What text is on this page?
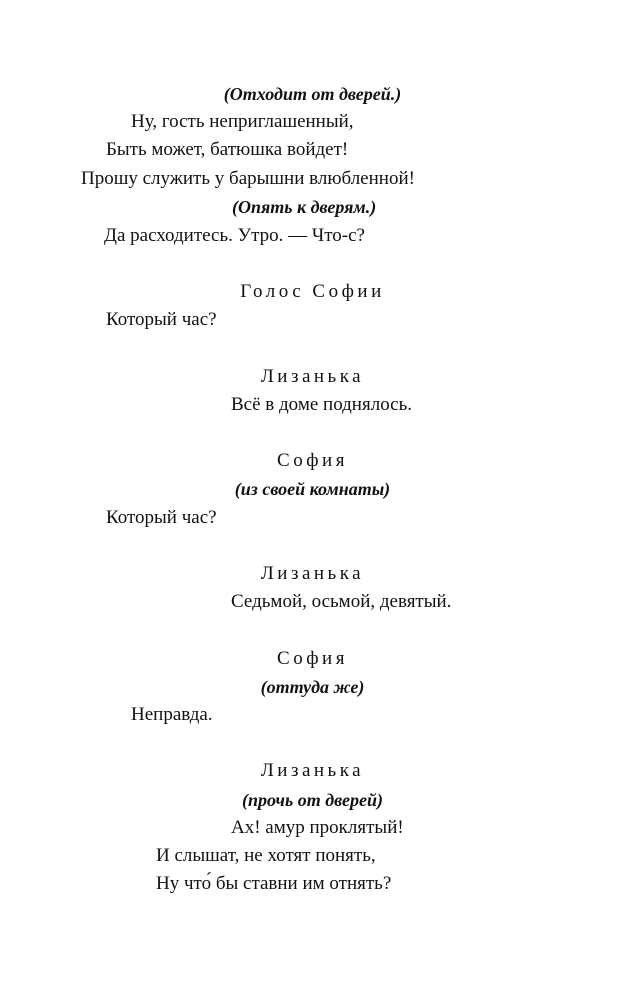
(Отходит от дверей.)
Ну, гость неприглашенный,
Быть может, батюшка войдет!
Прошу служить у барышни влюбленной!
(Опять к дверям.)
Да расходитесь. Утро. — Что-с?
Голос Софии
Который час?
Лизанька
Всё в доме поднялось.
София
(из своей комнаты)
Который час?
Лизанька
Седьмой, осьмой, девятый.
София
(оттуда же)
Неправда.
Лизанька
(прочь от дверей)
Ах! амур проклятый!
И слышат, не хотят понять,
Ну что́ бы ставни им отнять?
